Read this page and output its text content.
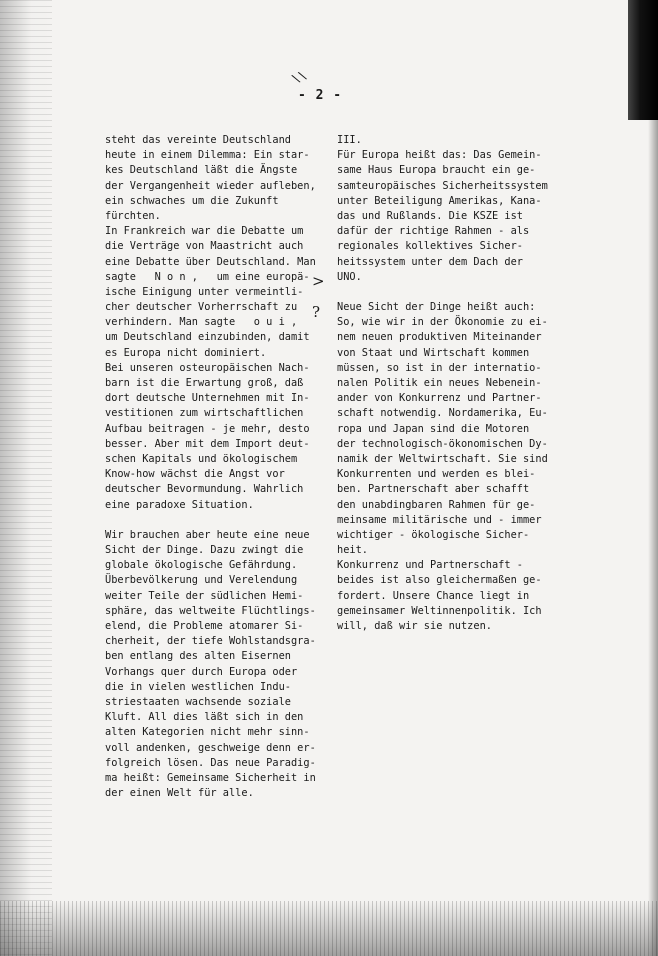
\\
- 2 -
steht das vereinte Deutschland
heute in einem Dilemma: Ein star-
kes Deutschland läßt die Ängste
der Vergangenheit wieder aufleben,
ein schwaches um die Zukunft
fürchten.
In Frankreich war die Debatte um
die Verträge von Maastricht auch
eine Debatte über Deutschland. Man
sagte   N o n ,   um eine europä-
ische Einigung unter vermeintli-
cher deutscher Vorherrschaft zu
verhindern. Man sagte   o u i ,
um Deutschland einzubinden, damit
es Europa nicht dominiert.
Bei unseren osteuropäischen Nach-
barn ist die Erwartung groß, daß
dort deutsche Unternehmen mit In-
vestitionen zum wirtschaftlichen
Aufbau beitragen - je mehr, desto
besser. Aber mit dem Import deut-
schen Kapitals und ökologischem
Know-how wächst die Angst vor
deutscher Bevormundung. Wahrlich
eine paradoxe Situation.
Wir brauchen aber heute eine neue
Sicht der Dinge. Dazu zwingt die
globale ökologische Gefährdung.
Überbevölkerung und Verelendung
weiter Teile der südlichen Hemi-
sphäre, das weltweite Flüchtlings-
elend, die Probleme atomarer Si-
cherheit, der tiefe Wohlstandsgra-
ben entlang des alten Eisernen
Vorhangs quer durch Europa oder
die in vielen westlichen Indu-
striestaaten wachsende soziale
Kluft. All dies läßt sich in den
alten Kategorien nicht mehr sinn-
voll andenken, geschweige denn er-
folgreich lösen. Das neue Paradig-
ma heißt: Gemeinsame Sicherheit in
der einen Welt für alle.
III.
Für Europa heißt das: Das Gemein-
same Haus Europa braucht ein ge-
samteuropäisches Sicherheitssystem
unter Beteiligung Amerikas, Kana-
das und Rußlands. Die KSZE ist
dafür der richtige Rahmen - als
regionales kollektives Sicher-
heitssystem unter dem Dach der
UNO.
Neue Sicht der Dinge heißt auch:
So, wie wir in der Ökonomie zu ei-
nem neuen produktiven Miteinander
von Staat und Wirtschaft kommen
müssen, so ist in der internatio-
nalen Politik ein neues Nebenein-
ander von Konkurrenz und Partner-
schaft notwendig. Nordamerika, Eu-
ropa und Japan sind die Motoren
der technologisch-ökonomischen Dy-
namik der Weltwirtschaft. Sie sind
Konkurrenten und werden es blei-
ben. Partnerschaft aber schafft
den unabdingbaren Rahmen für ge-
meinsame militärische und - immer
wichtiger - ökologische Sicher-
heit.
Konkurrenz und Partnerschaft -
beides ist also gleichermaßen ge-
fordert. Unsere Chance liegt in
gemeinsamer Weltinnenpolitik. Ich
will, daß wir sie nutzen.
>
?
